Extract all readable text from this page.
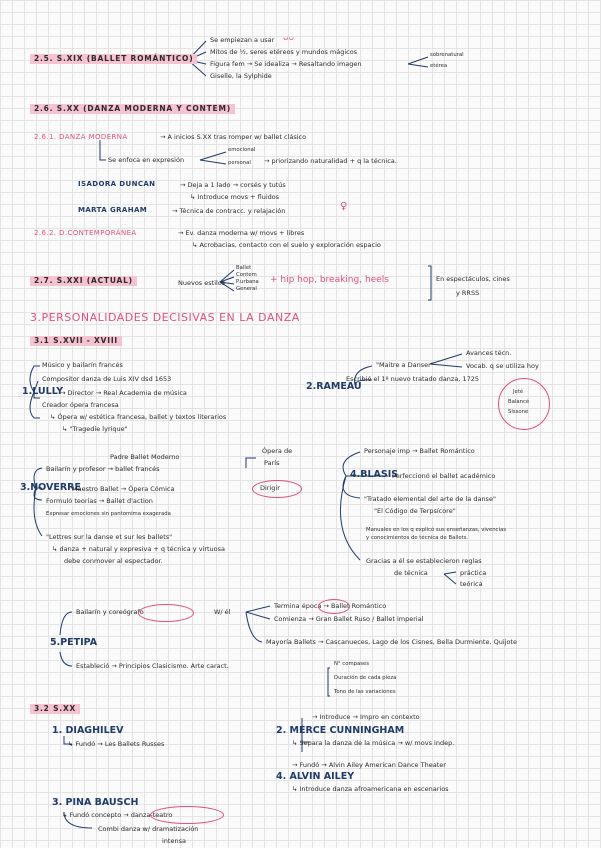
2.5. S.XIX (BALLET ROMÁNTICO)
Se empiezan a usar ᴗᴗ
Mitos de ½, seres etéreos y mundos mágicos
Figura fem → Se idealiza → Resaltando imagen
sobrenatural
etérea
Giselle, la Sylphide
2.6. S.XX (DANZA MODERNA Y CONTEM)
2.6.1. DANZA MODERNA	→ A inicios S.XX tras romper w/ ballet clásico
Se enfoca en expresión
emocional
personal → priorizando naturalidad + q la técnica.
ISADORA DUNCAN	→ Deja a 1 lado → corsés y tutús
↳ Introduce movs + fluidos
MARTA GRAHAM	→ Técnica de contracc. y relajación	♀
2.6.2. D.CONTEMPORÁNEA	→ Ev. danza moderna w/ movs + libres
↳ Acrobacias, contacto con el suelo y exploración espacio
2.7. S.XXI (ACTUAL)	Nuevos estilos
Ballet
Contem
P.urbana
General
+ hip hop, breaking, heels	En espectáculos, cines
y RRSS
3.PERSONALIDADES DECISIVAS EN LA DANZA
3.1 S.XVII - XVIII
1.LULLY
Músico y bailarín francés
Compositor danza de Luis XIV dsd 1653
→ Director → Real Academia de música
Creador ópera francesa
↳ Ópera w/ estética francesa, ballet y textos literarios
↳ "Tragedie lyrique"
2.RAMEAU
"Maitre a Danser"
Escribió el 1º nuevo tratado danza, 1725
Avances técn.
Vocab. q se utiliza hoy
Jeté
Balancé
Sissone
3.NOVERRE
Padre Ballet Moderno
Bailarín y profesor → ballet francés
Ópera de
París
Maestro Ballet → Ópera Cómica	Dirigir
Formuló teorías → Ballet d'action
Expresar emociones sin pantomima exagerada
"Lettres sur la danse et sur les ballets"
↳ danza + natural y expresiva + q técnica y virtuosa
debe conmover al espectador.
4.BLASIS
Personaje imp → Ballet Romántico
Perfeccionó el ballet académico
"Tratado elemental del arte de la danse"
"El Código de Terpsícore"
Manuales en los q explicó sus enseñanzas, vivencias
y conocimientos de técnica de Ballets.
Gracias a él se establecieron reglas
de técnica	práctica
teórica
5.PETIPA
Bailarín y coreógrafo	W/ él
Termina época → Ballet Romántico
Comienza → Gran Ballet Ruso / Ballet imperial
Mayoría Ballets → Cascanueces, Lago de los Cisnes, Bella Durmiente, Quijote
Estableció → Principios Clasicismo. Arte caract.	N° compases
Duración de cada pieza
Tono de las variaciones
3.2 S.XX
1. DIAGHILEV
↳ Fundó → Les Ballets Russes
2. MERCE CUNNINGHAM
→ Introduce → Impro en contexto
↳ Separa la danza de la música → w/ movs indep.
3. PINA BAUSCH
↳ Fundó concepto → danza-teatro
Combi danza w/ dramatización
intensa
4. ALVIN AILEY
→ Fundó → Alvin Ailey American Dance Theater
↳ Introduce danza afroamericana en escenarios
